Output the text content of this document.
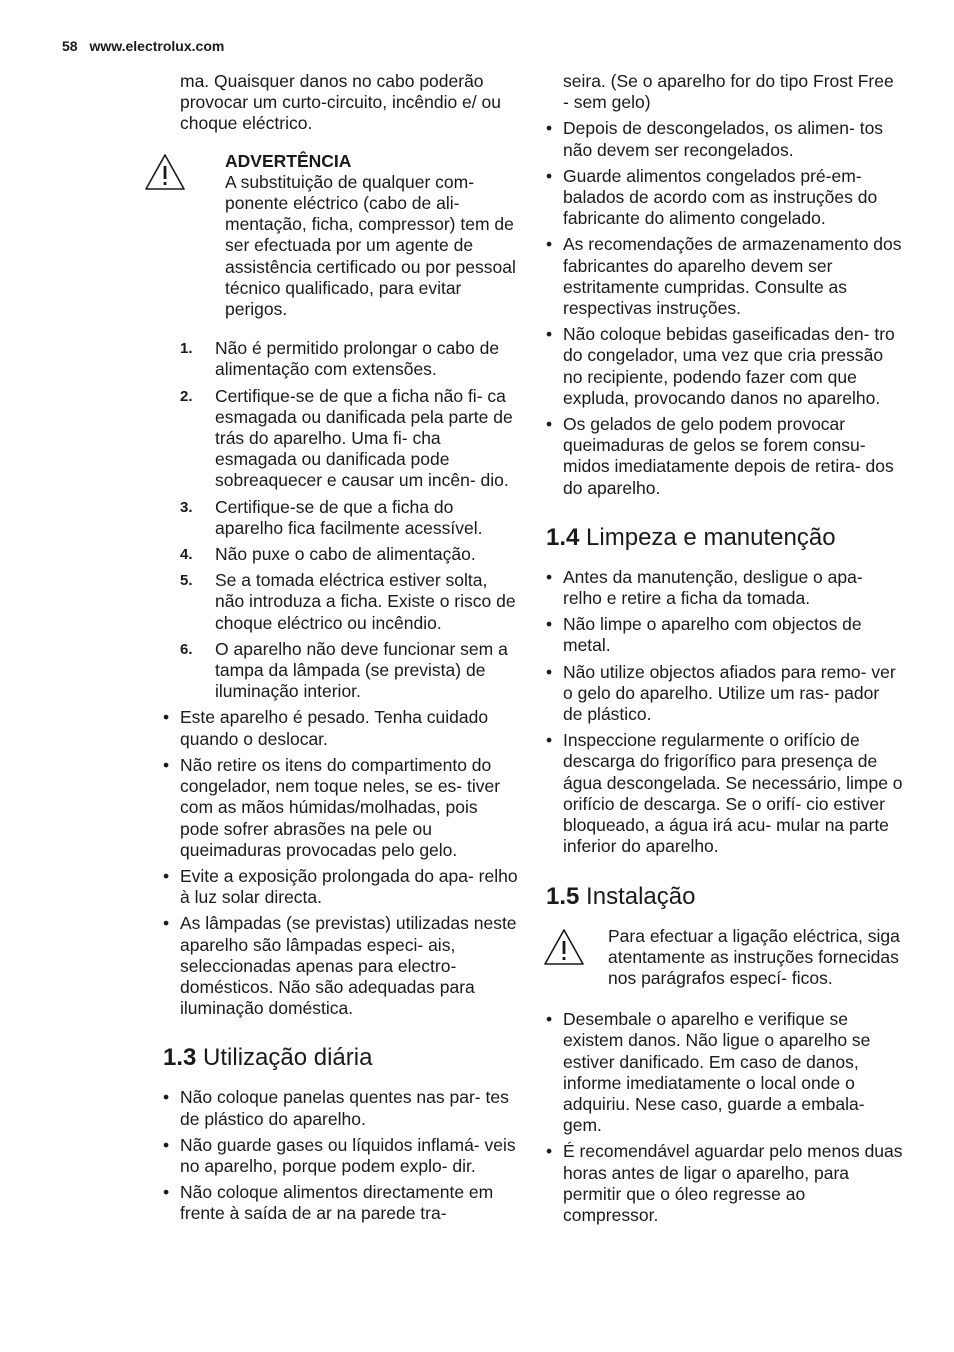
58 www.electrolux.com

ma. Quaisquer danos no cabo poderão provocar um curto-circuito, incêndio e/ ou choque eléctrico.

ADVERTÊNCIA
A substituição de qualquer com- ponente eléctrico (cabo de ali- mentação, ficha, compressor) tem de ser efectuada por um agente de assistência certificado ou por pessoal técnico qualificado, para evitar perigos.
1. Não é permitido prolongar o cabo de alimentação com extensões.
2. Certifique-se de que a ficha não fi- ca esmagada ou danificada pela parte de trás do aparelho. Uma fi- cha esmagada ou danificada pode sobreaquecer e causar um incên- dio.
3. Certifique-se de que a ficha do aparelho fica facilmente acessível.
4. Não puxe o cabo de alimentação.
5. Se a tomada eléctrica estiver solta, não introduza a ficha. Existe o risco de choque eléctrico ou incêndio.
6. O aparelho não deve funcionar sem a tampa da lâmpada (se prevista) de iluminação interior.
• Este aparelho é pesado. Tenha cuidado quando o deslocar.
• Não retire os itens do compartimento do congelador, nem toque neles, se es- tiver com as mãos húmidas/molhadas, pois pode sofrer abrasões na pele ou queimaduras provocadas pelo gelo.
• Evite a exposição prolongada do apa- relho à luz solar directa.
• As lâmpadas (se previstas) utilizadas neste aparelho são lâmpadas especi- ais, seleccionadas apenas para electro- domésticos. Não são adequadas para iluminação doméstica.
1.3 Utilização diária
• Não coloque panelas quentes nas par- tes de plástico do aparelho.
• Não guarde gases ou líquidos inflamá- veis no aparelho, porque podem explo- dir.
• Não coloque alimentos directamente em frente à saída de ar na parede tra-

seira. (Se o aparelho for do tipo Frost Free - sem gelo)

• Depois de descongelados, os alimen- tos não devem ser recongelados.
• Guarde alimentos congelados pré-em- balados de acordo com as instruções do fabricante do alimento congelado.
• As recomendações de armazenamento dos fabricantes do aparelho devem ser estritamente cumpridas. Consulte as respectivas instruções.
• Não coloque bebidas gaseificadas den- tro do congelador, uma vez que cria pressão no recipiente, podendo fazer com que expluda, provocando danos no aparelho.
• Os gelados de gelo podem provocar queimaduras de gelos se forem consu- midos imediatamente depois de retira- dos do aparelho.
1.4 Limpeza e manutenção
• Antes da manutenção, desligue o apa- relho e retire a ficha da tomada.
• Não limpe o aparelho com objectos de metal.
• Não utilize objectos afiados para remo- ver o gelo do aparelho. Utilize um ras- pador de plástico.
• Inspeccione regularmente o orifício de descarga do frigorífico para presença de água descongelada. Se necessário, limpe o orifício de descarga. Se o orifí- cio estiver bloqueado, a água irá acu- mular na parte inferior do aparelho.
1.5 Instalação
Para efectuar a ligação eléctrica, siga atentamente as instruções fornecidas nos parágrafos especí- ficos.
• Desembale o aparelho e verifique se existem danos. Não ligue o aparelho se estiver danificado. Em caso de danos, informe imediatamente o local onde o adquiriu. Nese caso, guarde a embala- gem.
• É recomendável aguardar pelo menos duas horas antes de ligar o aparelho, para permitir que o óleo regresse ao compressor.
